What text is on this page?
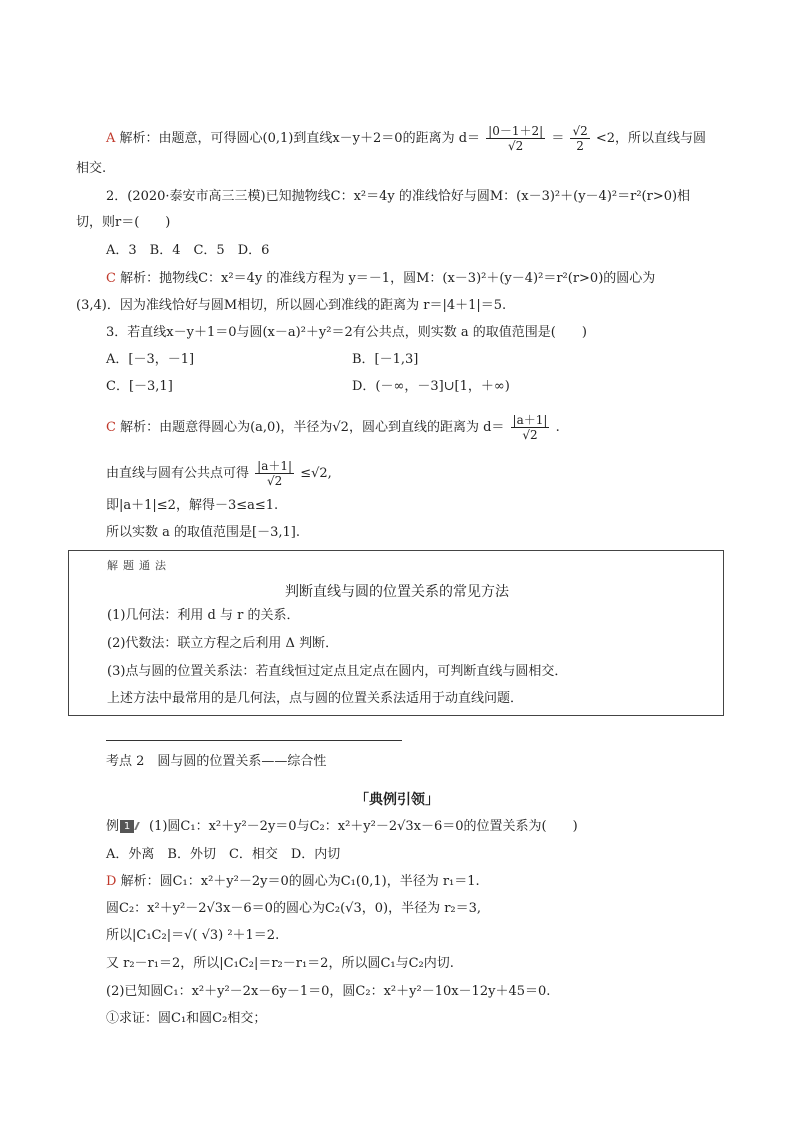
A 解析：由题意，可得圆心(0,1)到直线x－y＋2＝0的距离为 $d= \frac{|0-1+2|}{√2} = \frac{√2}{2} <2$，所以直线与圆
相交.
2．(2020·泰安市高三三模)已知抛物线C：x²＝4y 的准线恰好与圆M：(x－3)²＋(y－4)²＝r²(r>0)相
切，则r＝(　　)
A．3　B．4　C．5　D．6
C 解析：抛物线C：x²＝4y 的准线方程为 y＝－1，圆M：(x－3)²＋(y－4)²＝r²(r>0)的圆心为
(3,4)．因为准线恰好与圆M相切，所以圆心到准线的距离为 r＝|4＋1|＝5.
3．若直线x－y＋1＝0与圆(x－a)²＋y²＝2有公共点，则实数 a 的取值范围是(　　)
A．[－3，－1]	B．[－1,3]
C．[－3,1]	D．(－∞，－3]∪[1，＋∞)
C 解析：由题意得圆心为(a,0)，半径为√2，圆心到直线的距离为 $d= \frac{|a+1|}{√2}$ .
由直线与圆有公共点可得 $\frac{|a+1|}{√2} \le√2$,
即|a＋1|≤2，解得－3≤a≤1.
所以实数 a 的取值范围是[－3,1].
解题通法
判断直线与圆的位置关系的常见方法
(1)几何法：利用 d 与 r 的关系．
(2)代数法：联立方程之后利用 Δ 判断．
(3)点与圆的位置关系法：若直线恒过定点且定点在圆内，可判断直线与圆相交．
上述方法中最常用的是几何法，点与圆的位置关系法适用于动直线问题．
考点 2　圆与圆的位置关系——综合性
「典例引领」
例 1 (1)圆C₁：x²＋y²－2y＝0与C₂：x²＋y²－2√3x－6＝0的位置关系为(　　)
A．外离　B．外切　C．相交　D．内切
D 解析：圆C₁：x²＋y²－2y＝0的圆心为C₁(0,1)，半径为 r₁＝1.
圆C₂：x²＋y²－2√3x－6＝0的圆心为C₂(√3，0)，半径为 r₂＝3,
所以|C₁C₂|＝√( √3) ²＋1＝2.
又 r₂－r₁＝2，所以|C₁C₂|＝r₂－r₁＝2，所以圆C₁与C₂内切.
(2)已知圆C₁：x²＋y²－2x－6y－1＝0，圆C₂：x²＋y²－10x－12y＋45＝0.
①求证：圆C₁和圆C₂相交；
